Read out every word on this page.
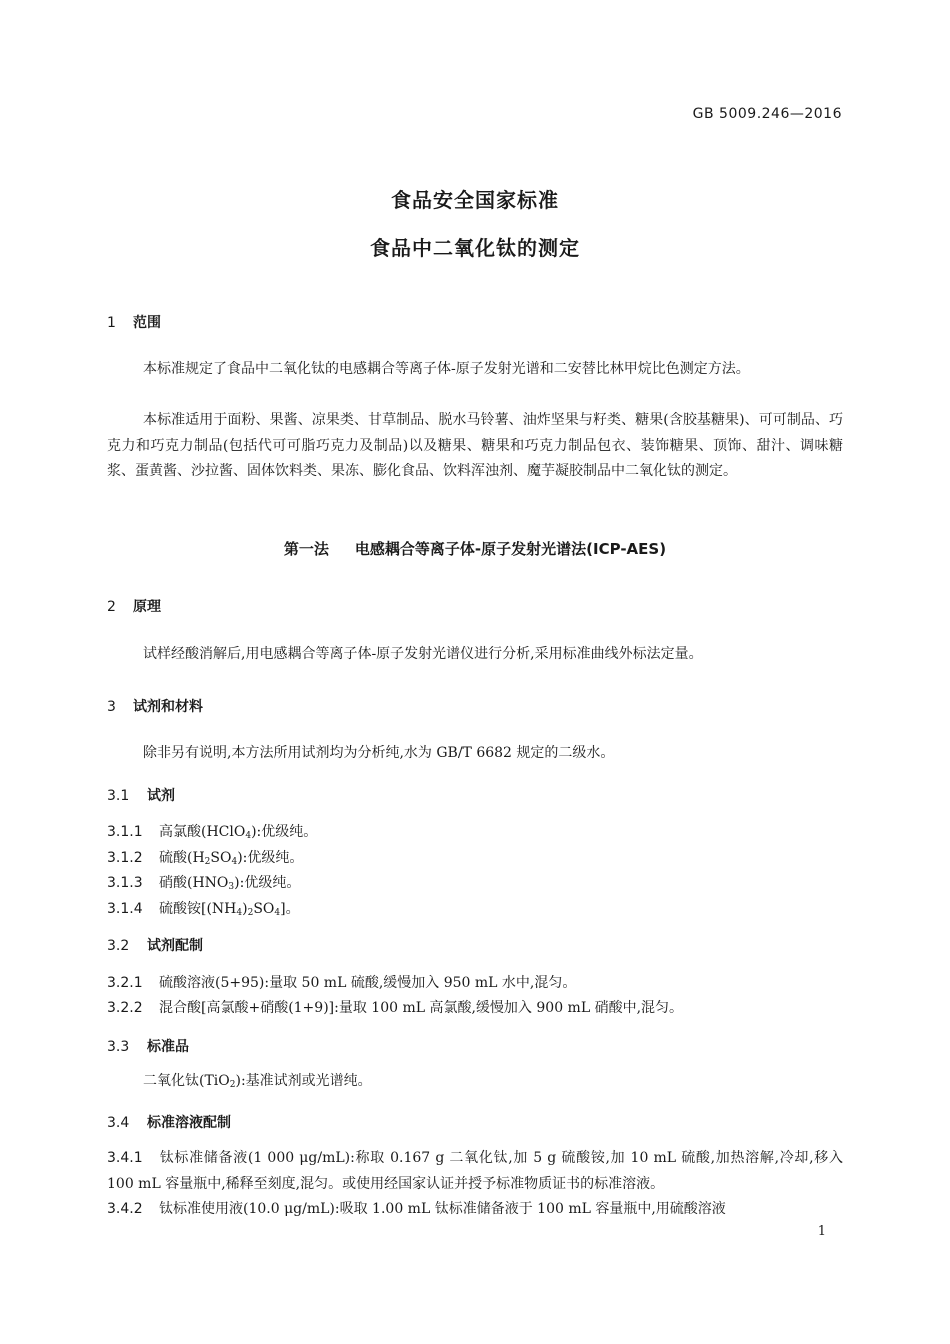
GB 5009.246—2016
食品安全国家标准
食品中二氧化钛的测定
1 范围
本标准规定了食品中二氧化钛的电感耦合等离子体-原子发射光谱和二安替比林甲烷比色测定方法。
本标准适用于面粉、果酱、凉果类、甘草制品、脱水马铃薯、油炸坚果与籽类、糖果(含胶基糖果)、可可制品、巧克力和巧克力制品(包括代可可脂巧克力及制品)以及糖果、糖果和巧克力制品包衣、装饰糖果、顶饰、甜汁、调味糖浆、蛋黄酱、沙拉酱、固体饮料类、果冻、膨化食品、饮料浑浊剂、魔芋凝胶制品中二氧化钛的测定。
第一法 电感耦合等离子体-原子发射光谱法(ICP-AES)
2 原理
试样经酸消解后,用电感耦合等离子体-原子发射光谱仪进行分析,采用标准曲线外标法定量。
3 试剂和材料
除非另有说明,本方法所用试剂均为分析纯,水为 GB/T 6682 规定的二级水。
3.1 试剂
3.1.1 高氯酸(HClO$_4$):优级纯。
3.1.2 硫酸$(H_2SO_4)$:优级纯。
3.1.3 硝酸$(HNO_3)$:优级纯。
3.1.4 硫酸铵$[(NH_4)_2SO_4]$。
3.2 试剂配制
3.2.1 硫酸溶液(5+95):量取 50 mL 硫酸,缓慢加入 950 mL 水中,混匀。
3.2.2 混合酸[高氯酸+硝酸(1+9)]:量取 100 mL 高氯酸,缓慢加入 900 mL 硝酸中,混匀。
3.3 标准品
二氧化钛(TiO$_2$):基准试剂或光谱纯。
3.4 标准溶液配制
3.4.1 钛标准储备液(1 000 μg/mL):称取 0.167 g 二氧化钛,加 5 g 硫酸铵,加 10 mL 硫酸,加热溶解,冷却,移入 100 mL 容量瓶中,稀释至刻度,混匀。或使用经国家认证并授予标准物质证书的标准溶液。
3.4.2 钛标准使用液(10.0 μg/mL):吸取 1.00 mL 钛标准储备液于 100 mL 容量瓶中,用硫酸溶液
1
